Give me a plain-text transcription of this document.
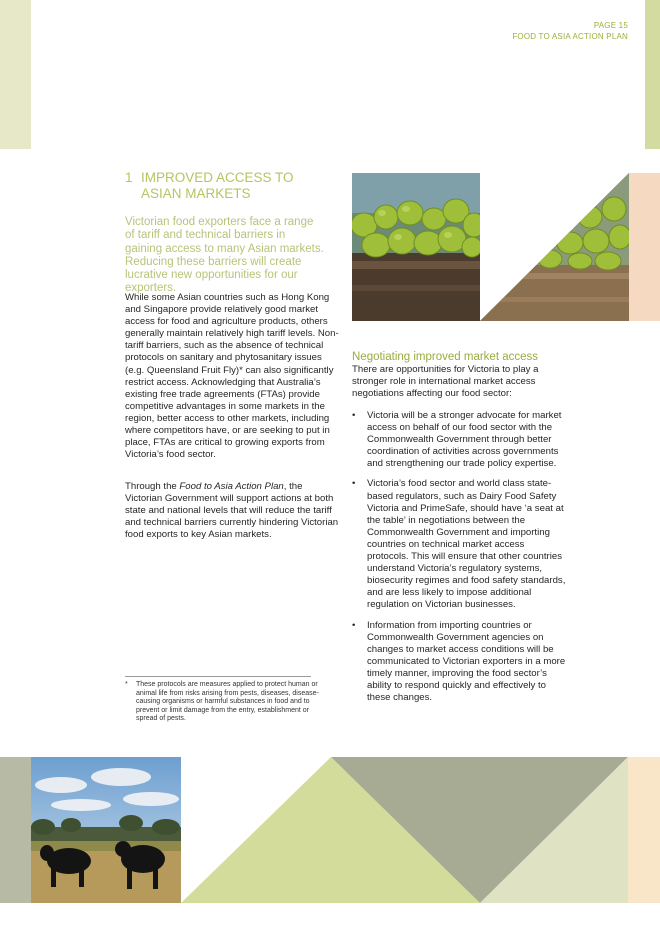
PAGE 15
FOOD TO ASIA ACTION PLAN
1 IMPROVED ACCESS TO
ASIAN MARKETS
Victorian food exporters face a range of tariff and technical barriers in gaining access to many Asian markets. Reducing these barriers will create lucrative new opportunities for our exporters.
While some Asian countries such as Hong Kong and Singapore provide relatively good market access for food and agriculture products, others generally maintain relatively high tariff levels. Non-tariff barriers, such as the absence of technical protocols on sanitary and phytosanitary issues (e.g. Queensland Fruit Fly)* can also significantly restrict access. Acknowledging that Australia’s existing free trade agreements (FTAs) provide competitive advantages in some markets in the region, better access to other markets, including where competitors have, or are seeking to put in place, FTAs are critical to growing exports from Victoria’s food sector.
Through the Food to Asia Action Plan, the Victorian Government will support actions at both state and national levels that will reduce the tariff and technical barriers currently hindering Victorian food exports to key Asian markets.
* These protocols are measures applied to protect human or animal life from risks arising from pests, diseases, disease-causing organisms or harmful substances in food and to prevent or limit damage from the entry, establishment or spread of pests.
Negotiating improved market access
There are opportunities for Victoria to play a stronger role in international market access negotiations affecting our food sector:
• Victoria will be a stronger advocate for market access on behalf of our food sector with the Commonwealth Government through better coordination of activities across governments and strengthening our trade policy expertise.
• Victoria’s food sector and world class state-based regulators, such as Dairy Food Safety Victoria and PrimeSafe, should have ‘a seat at the table’ in negotiations between the Commonwealth Government and importing countries on technical market access protocols. This will ensure that other countries understand Victoria’s regulatory systems, biosecurity regimes and food safety standards, and are less likely to impose additional regulation on Victorian businesses.
• Information from importing countries or Commonwealth Government agencies on changes to market access conditions will be communicated to Victorian exporters in a more timely manner, improving the food sector’s ability to respond quickly and effectively to these changes.
